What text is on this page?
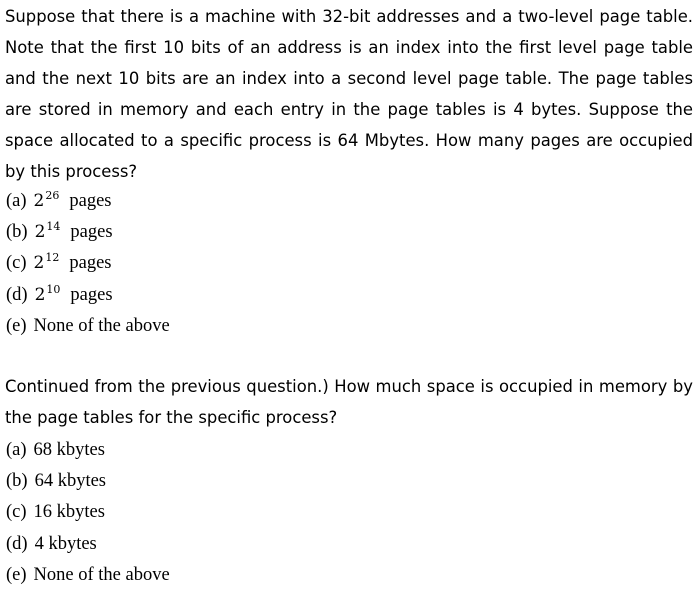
Suppose that there is a machine with 32-bit addresses and a two-level page table. Note that the first 10 bits of an address is an index into the first level page table and the next 10 bits are an index into a second level page table. The page tables are stored in memory and each entry in the page tables is 4 bytes. Suppose the space allocated to a specific process is 64 Mbytes. How many pages are occupied by this process?

(a) $2^{26}$ pages
(b) $2^{14}$ pages
(c) $2^{12}$ pages
(d) $2^{10}$ pages
(e) None of the above

Continued from the previous question.) How much space is occupied in memory by the page tables for the specific process?

(a) 68 kbytes
(b) 64 kbytes
(c) 16 kbytes
(d) 4 kbytes
(e) None of the above
